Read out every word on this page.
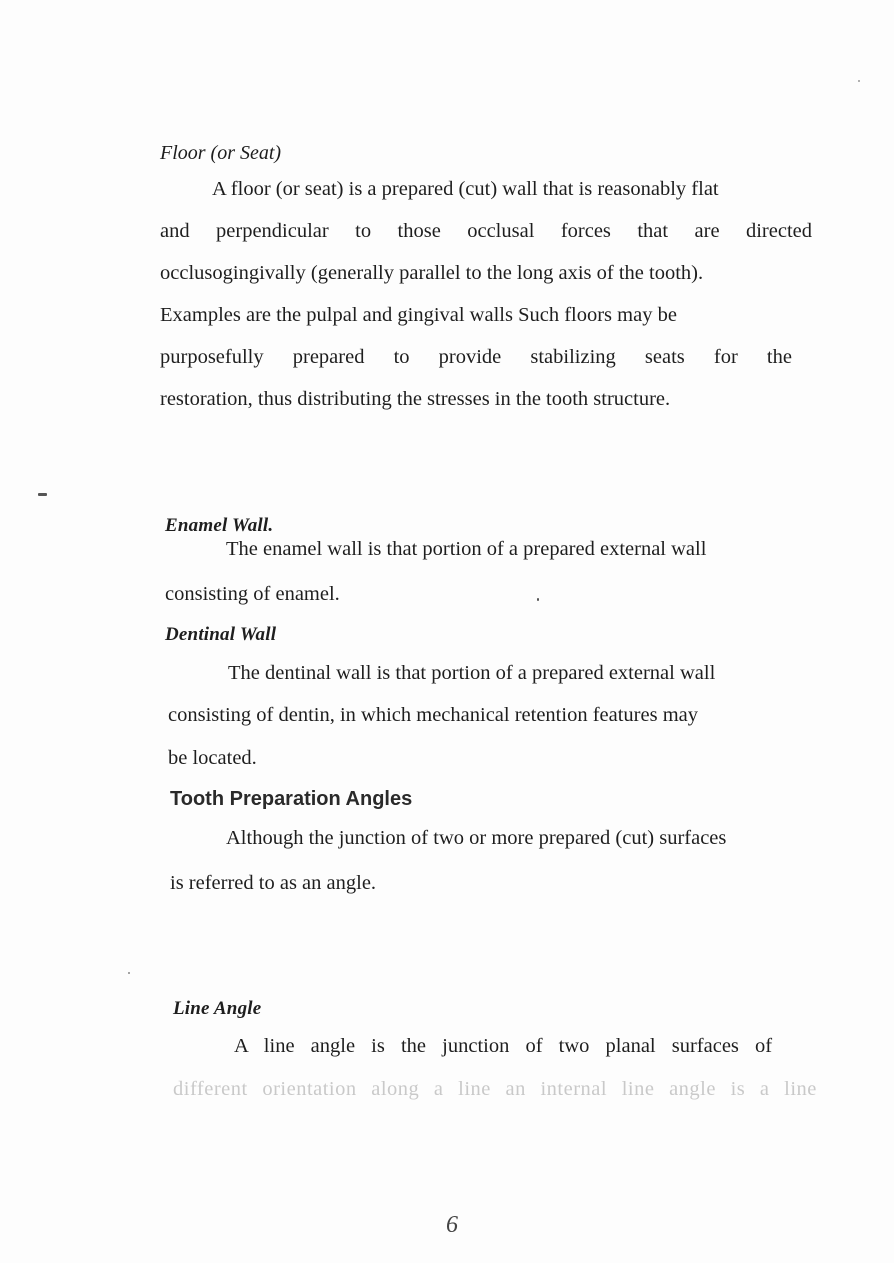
Floor (or Seat)
A floor (or seat) is a prepared (cut) wall that is reasonably flat
and perpendicular to those occlusal forces that are directed
occlusogingivally (generally parallel to the long axis of the tooth).
Examples are the pulpal and gingival walls Such floors may be
purposefully prepared to provide stabilizing seats for the
restoration, thus distributing the stresses in the tooth structure.
Enamel Wall.
The enamel wall is that portion of a prepared external wall
consisting of enamel.
Dentinal Wall
The dentinal wall is that portion of a prepared external wall
consisting of dentin, in which mechanical retention features may
be located.
Tooth Preparation Angles
Although the junction of two or more prepared (cut) surfaces
is referred to as an angle.
Line Angle
A line angle is the junction of two planal surfaces of
different orientation along a line an internal line angle is a line
6
